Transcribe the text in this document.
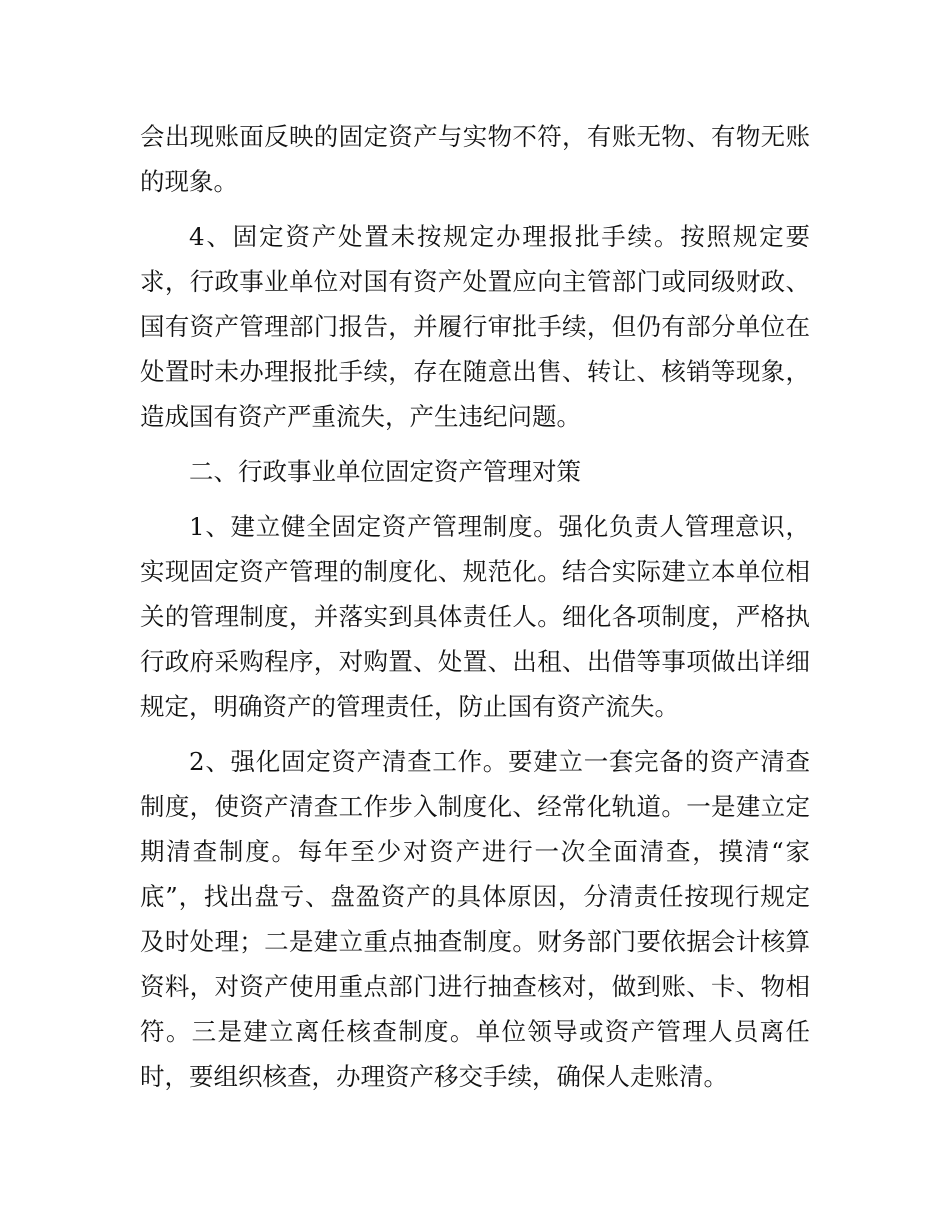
会出现账面反映的固定资产与实物不符，有账无物、有物无账的现象。

4、固定资产处置未按规定办理报批手续。按照规定要求，行政事业单位对国有资产处置应向主管部门或同级财政、国有资产管理部门报告，并履行审批手续，但仍有部分单位在处置时未办理报批手续，存在随意出售、转让、核销等现象，造成国有资产严重流失，产生违纪问题。

二、行政事业单位固定资产管理对策

1、建立健全固定资产管理制度。强化负责人管理意识，实现固定资产管理的制度化、规范化。结合实际建立本单位相关的管理制度，并落实到具体责任人。细化各项制度，严格执行政府采购程序，对购置、处置、出租、出借等事项做出详细规定，明确资产的管理责任，防止国有资产流失。

2、强化固定资产清查工作。要建立一套完备的资产清查制度，使资产清查工作步入制度化、经常化轨道。一是建立定期清查制度。每年至少对资产进行一次全面清查，摸清“家底”，找出盘亏、盘盈资产的具体原因，分清责任按现行规定及时处理；二是建立重点抽查制度。财务部门要依据会计核算资料，对资产使用重点部门进行抽查核对，做到账、卡、物相符。三是建立离任核查制度。单位领导或资产管理人员离任时，要组织核查，办理资产移交手续，确保人走账清。
